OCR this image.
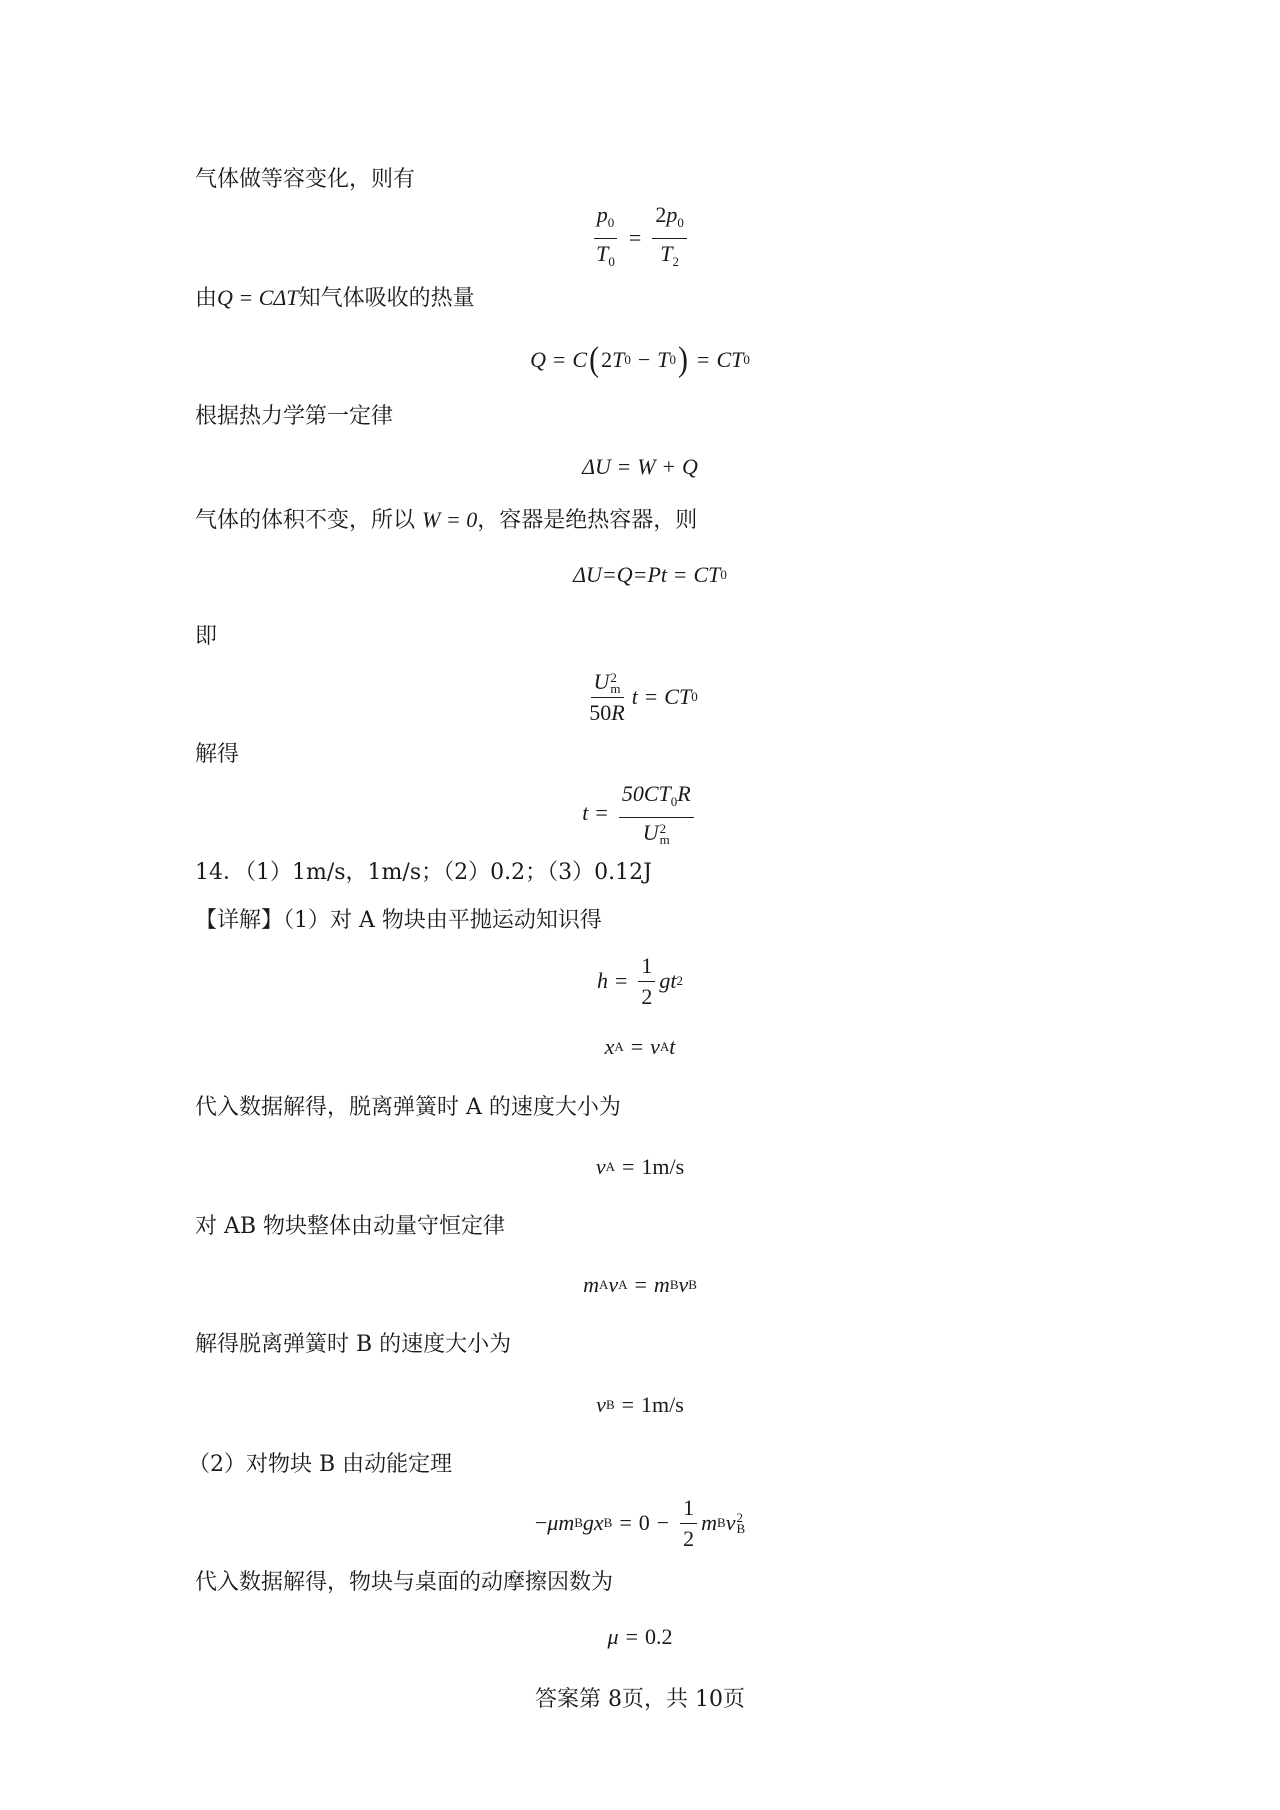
气体做等容变化，则有
$\frac{p_0}{T_0} = \frac{2p_0}{T_2}$
由Q = CΔT知气体吸收的热量
Q = C ( 2 T 0 − T 0 ) = CT 0
根据热力学第一定律
ΔU = W + Q
气体的体积不变，所以 W = 0，容器是绝热容器，则
ΔU=Q=Pt = CT 0
即
U 2
m
50R t = CT 0
解得
$t = 50CT_0R$
U 2
m
14．（1）1m/s，1m/s；（2）0.2；（3）0.12J
【详解】（1）对 A 物块由平抛运动知识得
$h = \frac{1}{2}$ g t 2
x A = v A t
代入数据解得，脱离弹簧时 A 的速度大小为
v A = 1m/s
对 AB 物块整体由动量守恒定律
m A v A = m B v B
解得脱离弹簧时 B 的速度大小为
v B = 1m/s
（2）对物块 B 由动能定理
− μ m B g x $B = 0 - \frac{1}{2}$ m B v 2
B
代入数据解得，物块与桌面的动摩擦因数为
μ = 0.2
答案第 8页，共 10页
